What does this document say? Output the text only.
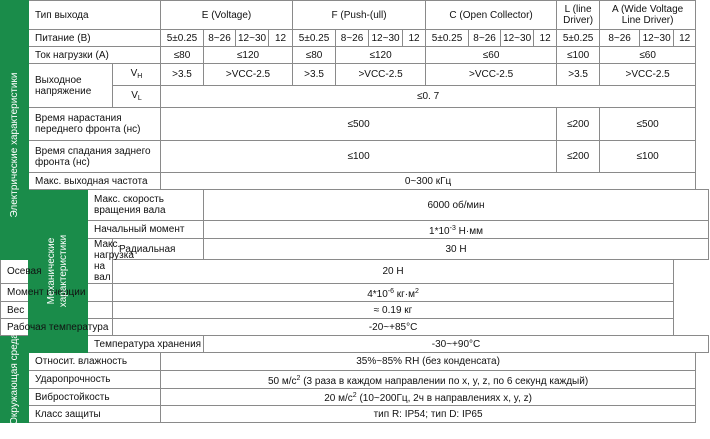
	Тип выхода			E (Voltage)				F (Push-(ull)				C (Open Collector)				L (line Driver)	A (Wide Voltage Line Driver)		

Электрические характеристики	Питание (В)			5±0.25	8~26	12~30	12	5±0.25	8~26	12~30	12	5±0.25	8~26	12~30	12	5±0.25	8~26	12~30	12
	Ток нагрузки (А)			≤80	≤120			≤80	≤120			≤60				≤100	≤60		
	Выходное напряжение		$V_H$	>3.5	>VCC-2.5			>3.5	>VCC-2.5			>VCC-2.5				>3.5	>VCC-2.5		
			$V_L$	≤0. 7															
	Время нарастания переднего фронта (нс)			≤500												≤200	≤500		
	Время спадания заднего фронта (нс)			≤100												≤200	≤100		
	Макс. выходная частота			0~300 кГц															

	Механические характеристики	Макс. скорость вращения вала			6000 об/мин														
		Начальный момент			$1*10^{-3}$ Н·мм														
		Макс. нагрузка на вал	Радиальная		30 Н														
Осевая			20 Н																
Момент инерции			$4*10^{-6}$ $кг\cdot м^2$
Вес			≈ 0.19 кг																
Рабочая температура			-20~+85°C																

Окружающая среда		Температура хранения			-30~+90°C														
	Относит. влажность			35%~85% RH (без конденсата)															
	Ударопрочность			50 $м/с^2$ (3 раза в каждом направлении по x, y, z, по 6 секунд каждый)															
	Вибростойкость			20 $м/с^2$ (10~200Гц, 2ч в направлениях x, y, z)															
	Класс защиты			тип R: IP54; тип D: IP65															
